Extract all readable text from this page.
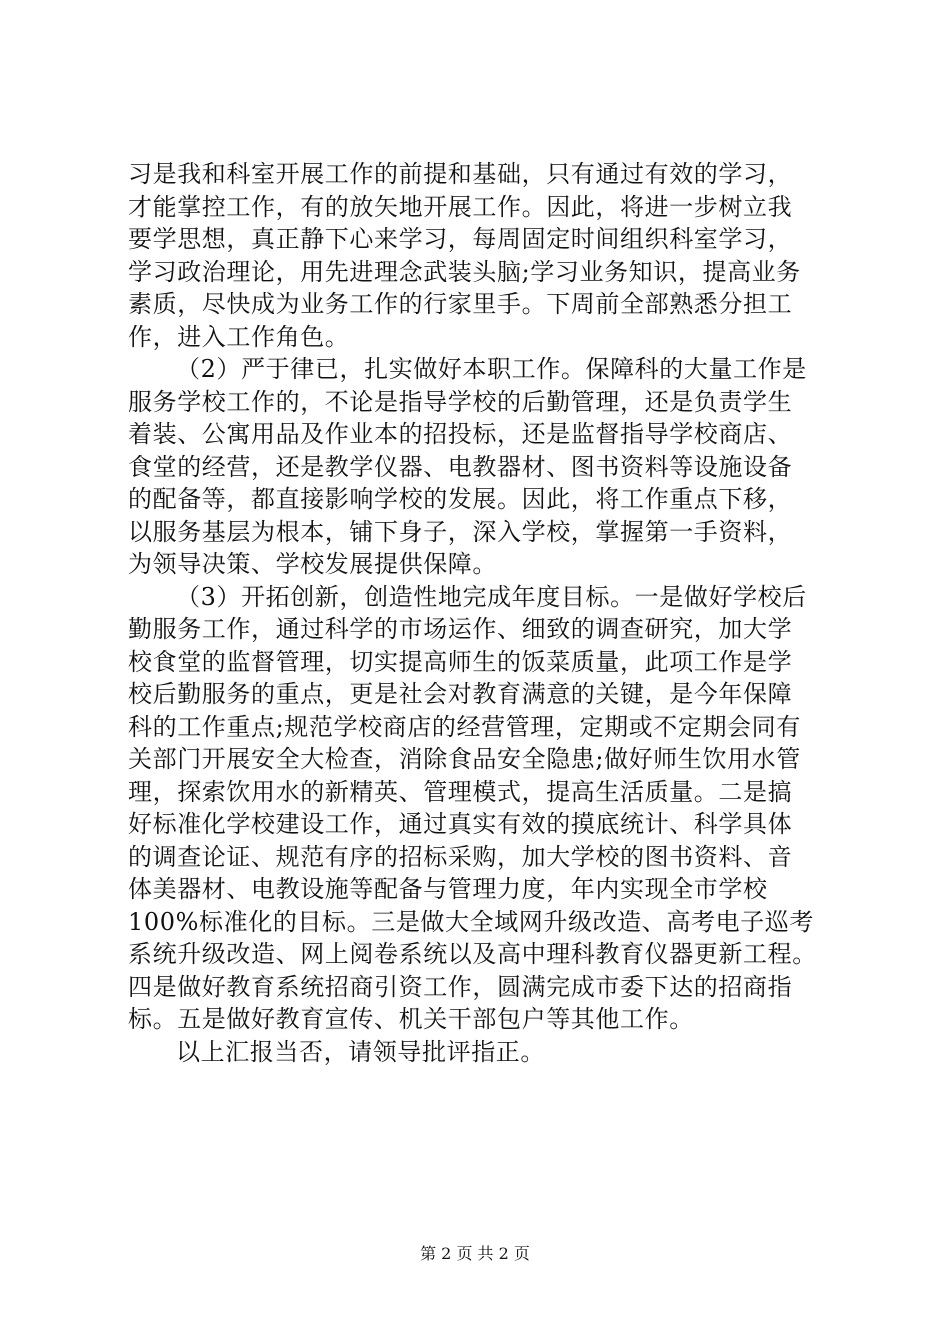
习是我和科室开展工作的前提和基础，只有通过有效的学习，
才能掌控工作，有的放矢地开展工作。因此，将进一步树立我
要学思想，真正静下心来学习，每周固定时间组织科室学习，
学习政治理论，用先进理念武装头脑;学习业务知识，提高业务
素质，尽快成为业务工作的行家里手。下周前全部熟悉分担工
作，进入工作角色。
（2）严于律已，扎实做好本职工作。保障科的大量工作是
服务学校工作的，不论是指导学校的后勤管理，还是负责学生
着装、公寓用品及作业本的招投标，还是监督指导学校商店、
食堂的经营，还是教学仪器、电教器材、图书资料等设施设备
的配备等，都直接影响学校的发展。因此，将工作重点下移，
以服务基层为根本，铺下身子，深入学校，掌握第一手资料，
为领导决策、学校发展提供保障。
（3）开拓创新，创造性地完成年度目标。一是做好学校后
勤服务工作，通过科学的市场运作、细致的调查研究，加大学
校食堂的监督管理，切实提高师生的饭菜质量，此项工作是学
校后勤服务的重点，更是社会对教育满意的关键，是今年保障
科的工作重点;规范学校商店的经营管理，定期或不定期会同有
关部门开展安全大检查，消除食品安全隐患;做好师生饮用水管
理，探索饮用水的新精英、管理模式，提高生活质量。二是搞
好标准化学校建设工作，通过真实有效的摸底统计、科学具体
的调查论证、规范有序的招标采购，加大学校的图书资料、音
体美器材、电教设施等配备与管理力度，年内实现全市学校
100%标准化的目标。三是做大全域网升级改造、高考电子巡考
系统升级改造、网上阅卷系统以及高中理科教育仪器更新工程。
四是做好教育系统招商引资工作，圆满完成市委下达的招商指
标。五是做好教育宣传、机关干部包户等其他工作。
以上汇报当否，请领导批评指正。
第 2 页 共 2 页
